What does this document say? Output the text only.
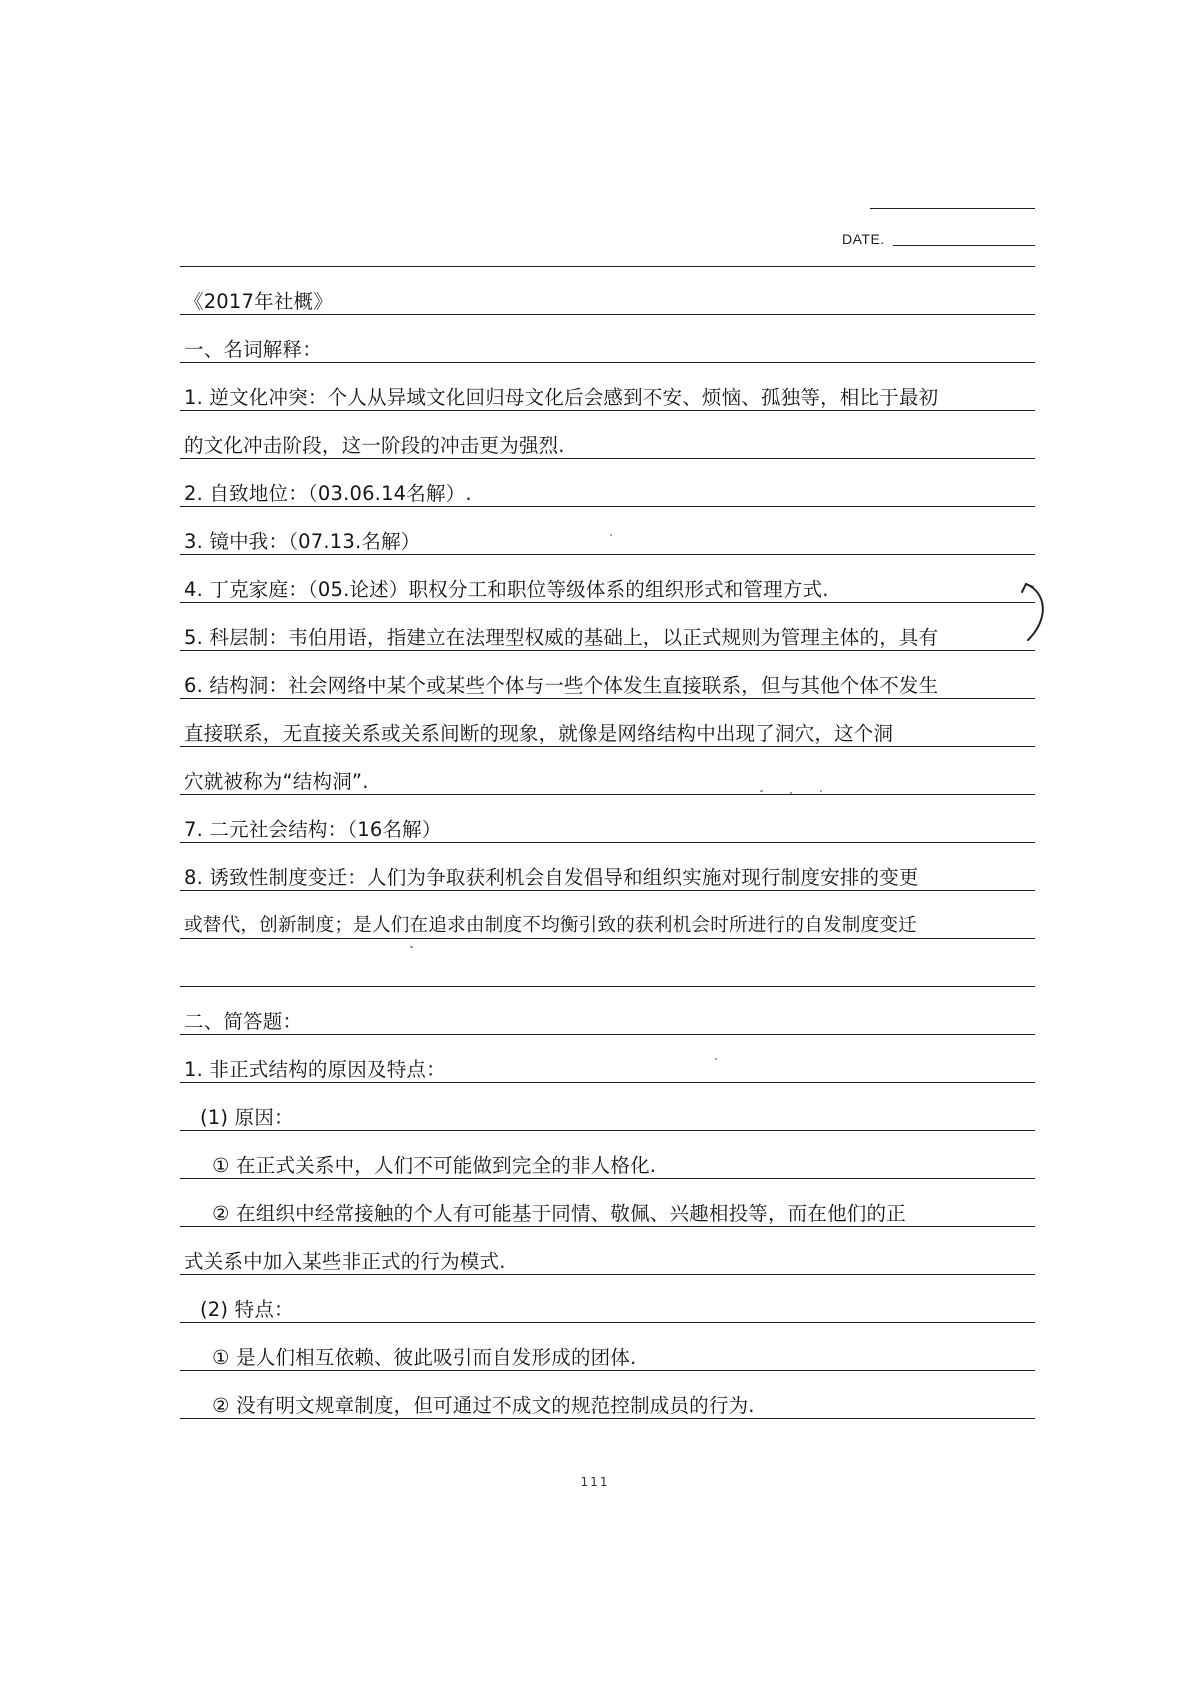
DATE.
《2017年社概》
一、名词解释：
1. 逆文化冲突：个人从异域文化回归母文化后会感到不安、烦恼、孤独等，相比于最初
的文化冲击阶段，这一阶段的冲击更为强烈.
2. 自致地位：（03.06.14名解）.
3. 镜中我：（07.13.名解）
4. 丁克家庭：（05.论述）职权分工和职位等级体系的组织形式和管理方式.
5. 科层制：韦伯用语，指建立在法理型权威的基础上，以正式规则为管理主体的，具有
6. 结构洞：社会网络中某个或某些个体与一些个体发生直接联系，但与其他个体不发生
直接联系，无直接关系或关系间断的现象，就像是网络结构中出现了洞穴，这个洞
穴就被称为“结构洞”.
7. 二元社会结构：（16名解）
8. 诱致性制度变迁：人们为争取获利机会自发倡导和组织实施对现行制度安排的变更
或替代，创新制度；是人们在追求由制度不均衡引致的获利机会时所进行的自发制度变迁
二、简答题：
1. 非正式结构的原因及特点：
(1) 原因：
① 在正式关系中，人们不可能做到完全的非人格化.
② 在组织中经常接触的个人有可能基于同情、敬佩、兴趣相投等，而在他们的正
式关系中加入某些非正式的行为模式.
(2) 特点：
① 是人们相互依赖、彼此吸引而自发形成的团体.
② 没有明文规章制度，但可通过不成文的规范控制成员的行为.
111
